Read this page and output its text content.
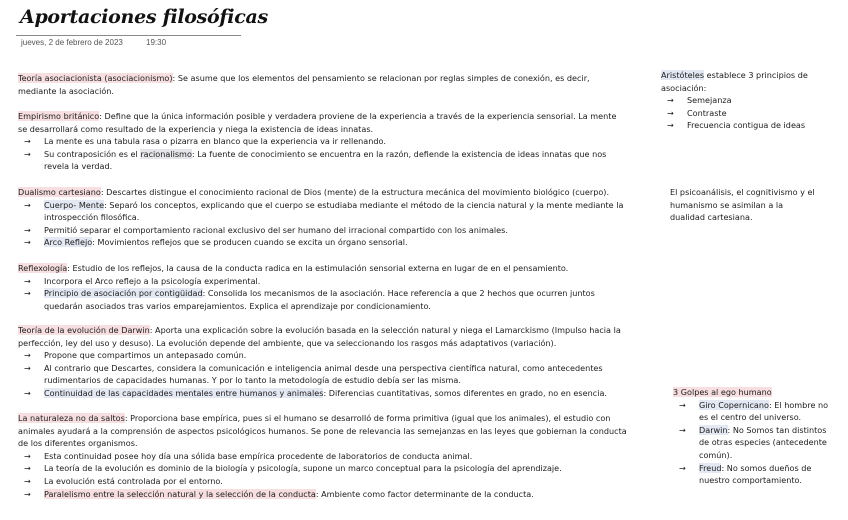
Aportaciones filosóficas
jueves, 2 de febrero de 2023	19:30

Teoría asociacionista (asociacionismo): Se asume que los elementos del pensamiento se relacionan por reglas simples de conexión, es decir, mediante la asociación.

Empirismo británico: Define que la única información posible y verdadera proviene de la experiencia a través de la experiencia sensorial. La mente se desarrollará como resultado de la experiencia y niega la existencia de ideas innatas.

→ La mente es una tabula rasa o pizarra en blanco que la experiencia va ir rellenando.

→ Su contraposición es el racionalismo: La fuente de conocimiento se encuentra en la razón, defiende la existencia de ideas innatas que nos revela la verdad.

Dualismo cartesiano: Descartes distingue el conocimiento racional de Dios (mente) de la estructura mecánica del movimiento biológico (cuerpo).

→ Cuerpo- Mente: Separó los conceptos, explicando que el cuerpo se estudiaba mediante el método de la ciencia natural y la mente mediante la introspección filosófica.

→ Permitió separar el comportamiento racional exclusivo del ser humano del irracional compartido con los animales.

→ Arco Reflejo: Movimientos reflejos que se producen cuando se excita un órgano sensorial.

Reflexología: Estudio de los reflejos, la causa de la conducta radica en la estimulación sensorial externa en lugar de en el pensamiento.

→ Incorpora el Arco reflejo a la psicología experimental.

→ Principio de asociación por contigüidad: Consolida los mecanismos de la asociación. Hace referencia a que 2 hechos que ocurren juntos quedarán asociados tras varios emparejamientos. Explica el aprendizaje por condicionamiento.

Teoría de la evolución de Darwin: Aporta una explicación sobre la evolución basada en la selección natural y niega el Lamarckismo (Impulso hacia la perfección, ley del uso y desuso). La evolución depende del ambiente, que va seleccionando los rasgos más adaptativos (variación).

→ Propone que compartimos un antepasado común.

→ Al contrario que Descartes, considera la comunicación e inteligencia animal desde una perspectiva científica natural, como antecedentes rudimentarios de capacidades humanas. Y por lo tanto la metodología de estudio debía ser las misma.

→ Continuidad de las capacidades mentales entre humanos y animales: Diferencias cuantitativas, somos diferentes en grado, no en esencia.

La naturaleza no da saltos: Proporciona base empírica, pues si el humano se desarrolló de forma primitiva (igual que los animales), el estudio con animales ayudará a la comprensión de aspectos psicológicos humanos. Se pone de relevancia las semejanzas en las leyes que gobiernan la conducta de los diferentes organismos.

→ Esta continuidad posee hoy día una sólida base empírica procedente de laboratorios de conducta animal.

→ La teoría de la evolución es dominio de la biología y psicología, supone un marco conceptual para la psicología del aprendizaje.

→ La evolución está controlada por el entorno.

→ Paralelismo entre la selección natural y la selección de la conducta: Ambiente como factor determinante de la conducta.

Aristóteles establece 3 principios de asociación:

→ Semejanza

→ Contraste

→ Frecuencia contigua de ideas

El psicoanálisis, el cognitivismo y el humanismo se asimilan a la dualidad cartesiana.

3 Golpes al ego humano

→ Giro Copernicano: El hombre no es el centro del universo.

→ Darwin: No Somos tan distintos de otras especies (antecedente común).

→ Freud: No somos dueños de nuestro comportamiento.
